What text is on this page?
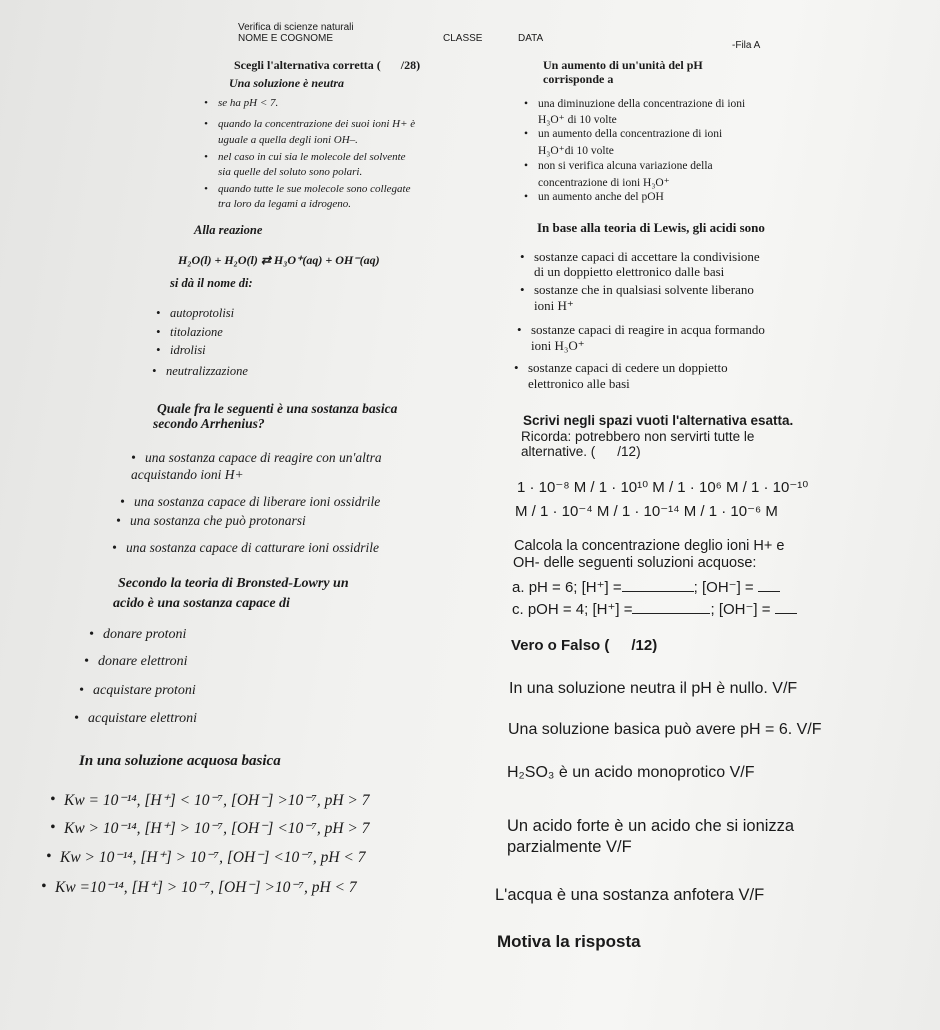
Verifica di scienze naturali
NOME E COGNOME	CLASSE	DATA
-Fila A
Scegli l'alternativa corretta ( /28)
Una soluzione è neutra
• se ha pH < 7.
• quando la concentrazione dei suoi ioni H+ è
uguale a quella degli ioni OH–.
• nel caso in cui sia le molecole del solvente
sia quelle del soluto sono polari.
• quando tutte le sue molecole sono collegate
tra loro da legami a idrogeno.
Alla reazione
H₂O(l) + H₂O(l) ⇄ H₃O⁺(aq) + OH⁻(aq)
si dà il nome di:
• autoprotolisi
• titolazione
• idrolisi
• neutralizzazione
Quale fra le seguenti è una sostanza basica
secondo Arrhenius?
• una sostanza capace di reagire con un'altra
acquistando ioni H+
• una sostanza capace di liberare ioni ossidrile
• una sostanza che può protonarsi
• una sostanza capace di catturare ioni ossidrile
Secondo la teoria di Bronsted-Lowry un
acido è una sostanza capace di
• donare protoni
• donare elettroni
• acquistare protoni
• acquistare elettroni
In una soluzione acquosa basica
• Kw = 10⁻¹⁴, [H⁺] < 10⁻⁷, [OH⁻] >10⁻⁷, pH > 7
• Kw > 10⁻¹⁴, [H⁺] > 10⁻⁷, [OH⁻] <10⁻⁷, pH > 7
• Kw > 10⁻¹⁴, [H⁺] > 10⁻⁷, [OH⁻] <10⁻⁷, pH < 7
• Kw =10⁻¹⁴, [H⁺] > 10⁻⁷, [OH⁻] >10⁻⁷, pH < 7
Un aumento di un'unità del pH
corrisponde a
• una diminuzione della concentrazione di ioni
H₃O⁺ di 10 volte
• un aumento della concentrazione di ioni
H₃O⁺di 10 volte
• non si verifica alcuna variazione della
concentrazione di ioni H₃O⁺
• un aumento anche del pOH
In base alla teoria di Lewis, gli acidi sono
• sostanze capaci di accettare la condivisione
di un doppietto elettronico dalle basi
• sostanze che in qualsiasi solvente liberano
ioni H⁺
• sostanze capaci di reagire in acqua formando
ioni H₃O⁺
• sostanze capaci di cedere un doppietto
elettronico alle basi
Scrivi negli spazi vuoti l'alternativa esatta.
Ricorda: potrebbero non servirti tutte le
alternative. ( /12)
1 · 10⁻⁸ M / 1 · 10¹⁰ M / 1 · 10⁶ M / 1 · 10⁻¹⁰
M / 1 · 10⁻⁴ M / 1 · 10⁻¹⁴ M / 1 · 10⁻⁶ M
Calcola la concentrazione deglio ioni H+ e
OH- delle seguenti soluzioni acquose:
a. pH = 6; [H⁺] =	; [OH⁻] =
c. pOH = 4; [H⁺] =	; [OH⁻] =
Vero o Falso ( /12)
In una soluzione neutra il pH è nullo. V/F
Una soluzione basica può avere pH = 6. V/F
H₂SO₃ è un acido monoprotico V/F
Un acido forte è un acido che si ionizza
parzialmente V/F
L'acqua è una sostanza anfotera V/F
Motiva la risposta
